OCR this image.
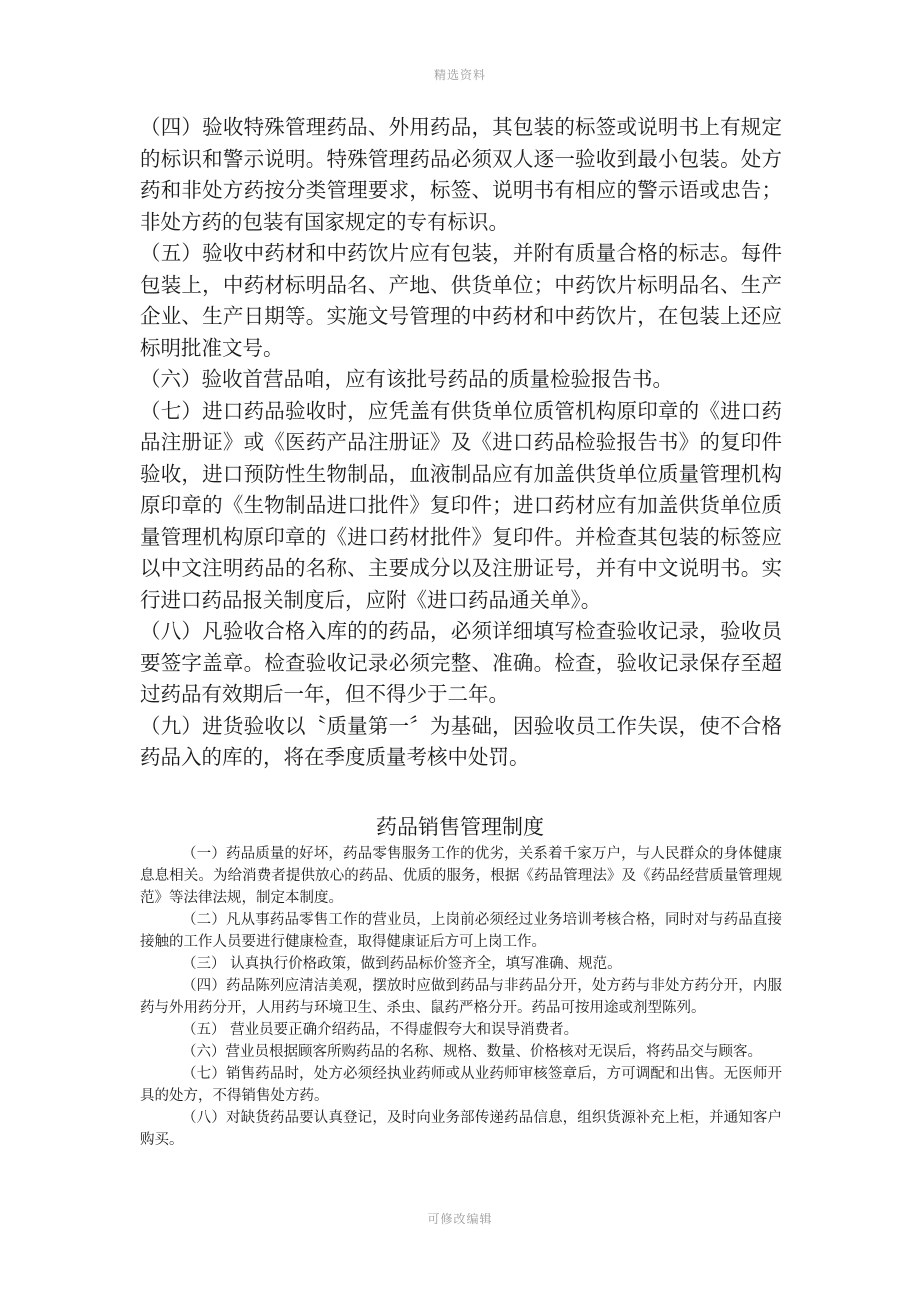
精选资料

（四）验收特殊管理药品、外用药品，其包装的标签或说明书上有规定的标识和警示说明。特殊管理药品必须双人逐一验收到最小包装。处方药和非处方药按分类管理要求，标签、说明书有相应的警示语或忠告；非处方药的包装有国家规定的专有标识。

（五）验收中药材和中药饮片应有包装，并附有质量合格的标志。每件包装上，中药材标明品名、产地、供货单位；中药饮片标明品名、生产企业、生产日期等。实施文号管理的中药材和中药饮片，在包装上还应标明批准文号。

（六）验收首营品咱，应有该批号药品的质量检验报告书。

（七）进口药品验收时，应凭盖有供货单位质管机构原印章的《进口药品注册证》或《医药产品注册证》及《进口药品检验报告书》的复印件验收，进口预防性生物制品，血液制品应有加盖供货单位质量管理机构原印章的《生物制品进口批件》复印件；进口药材应有加盖供货单位质量管理机构原印章的《进口药材批件》复印件。并检查其包装的标签应以中文注明药品的名称、主要成分以及注册证号，并有中文说明书。实行进口药品报关制度后，应附《进口药品通关单》。

（八）凡验收合格入库的的药品，必须详细填写检查验收记录，验收员要签字盖章。检查验收记录必须完整、准确。检查，验收记录保存至超过药品有效期后一年，但不得少于二年。

（九）进货验收以〝质量第一〞为基础，因验收员工作失误，使不合格药品入的库的，将在季度质量考核中处罚。

药品销售管理制度

（一）药品质量的好坏，药品零售服务工作的优劣，关系着千家万户，与人民群众的身体健康息息相关。为给消费者提供放心的药品、优质的服务，根据《药品管理法》及《药品经营质量管理规范》等法律法规，制定本制度。

（二）凡从事药品零售工作的营业员，上岗前必须经过业务培训考核合格，同时对与药品直接接触的工作人员要进行健康检查，取得健康证后方可上岗工作。

（三） 认真执行价格政策，做到药品标价签齐全，填写准确、规范。

（四）药品陈列应清洁美观，摆放时应做到药品与非药品分开，处方药与非处方药分开，内服药与外用药分开，人用药与环境卫生、杀虫、鼠药严格分开。药品可按用途或剂型陈列。

（五） 营业员要正确介绍药品，不得虚假夸大和误导消费者。

（六）营业员根据顾客所购药品的名称、规格、数量、价格核对无误后，将药品交与顾客。

（七）销售药品时，处方必须经执业药师或从业药师审核签章后，方可调配和出售。无医师开具的处方，不得销售处方药。

（八）对缺货药品要认真登记，及时向业务部传递药品信息，组织货源补充上柜，并通知客户购买。

可修改编辑
